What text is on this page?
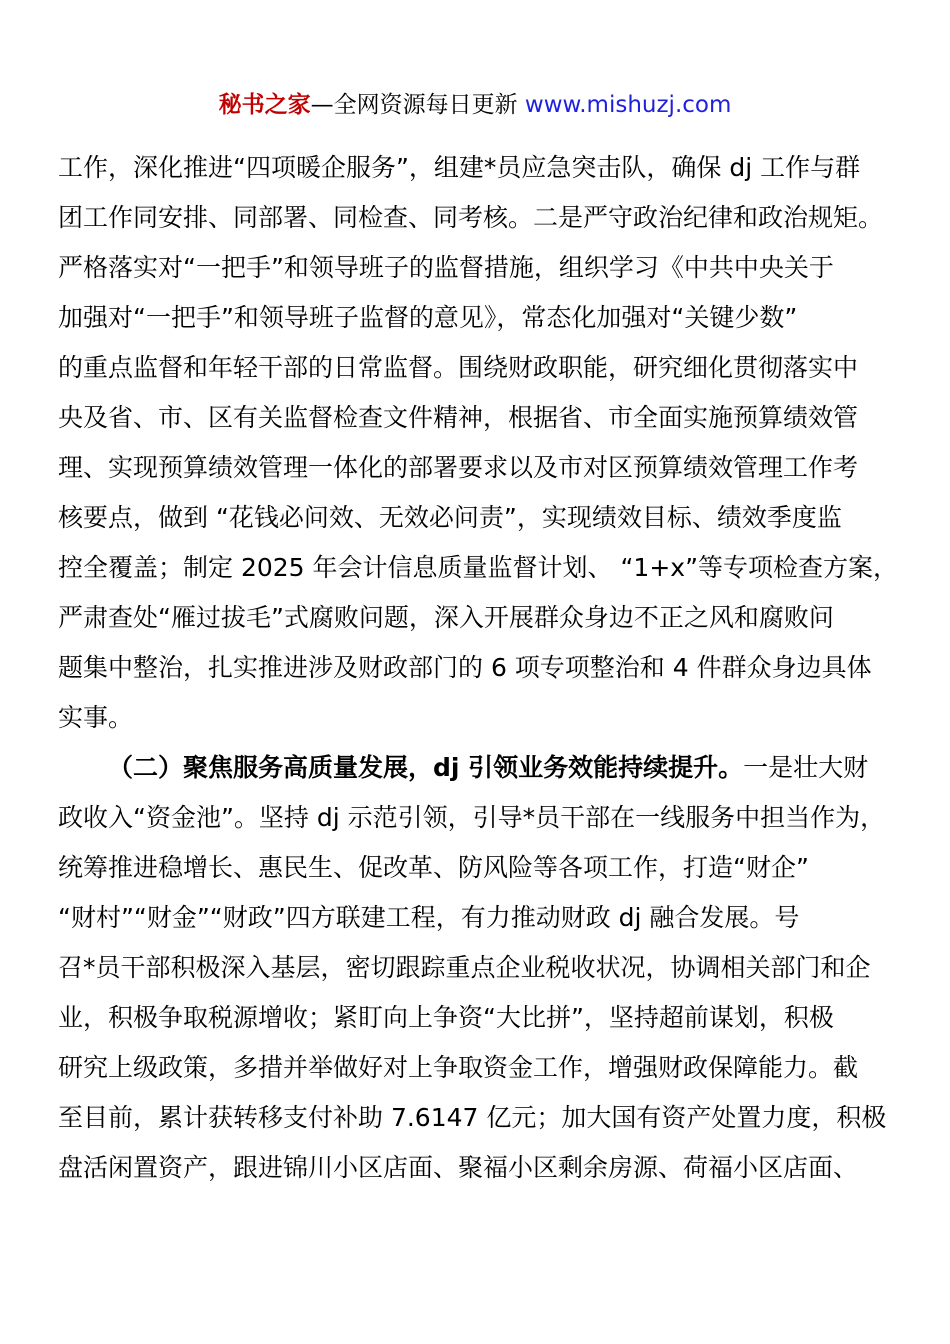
秘书之家—全网资源每日更新 www.mishuzj.com
工作，深化推进“四项暖企服务”，组建*员应急突击队，确保 dj 工作与群
团工作同安排、同部署、同检查、同考核。二是严守政治纪律和政治规矩。
严格落实对“一把手”和领导班子的监督措施，组织学习《中共中央关于
加强对“一把手”和领导班子监督的意见》，常态化加强对“关键少数”
的重点监督和年轻干部的日常监督。围绕财政职能，研究细化贯彻落实中
央及省、市、区有关监督检查文件精神，根据省、市全面实施预算绩效管
理、实现预算绩效管理一体化的部署要求以及市对区预算绩效管理工作考
核要点，做到 “花钱必问效、无效必问责”，实现绩效目标、绩效季度监
控全覆盖；制定 2025 年会计信息质量监督计划、 “1+x”等专项检查方案，
严肃查处“雁过拔毛”式腐败问题，深入开展群众身边不正之风和腐败问
题集中整治，扎实推进涉及财政部门的 6 项专项整治和 4 件群众身边具体
实事。
（二）聚焦服务高质量发展，dj 引领业务效能持续提升。一是壮大财
政收入“资金池”。坚持 dj 示范引领，引导*员干部在一线服务中担当作为，
统筹推进稳增长、惠民生、促改革、防风险等各项工作，打造“财企”
“财村”“财金”“财政”四方联建工程，有力推动财政 dj 融合发展。号
召*员干部积极深入基层，密切跟踪重点企业税收状况，协调相关部门和企
业，积极争取税源增收；紧盯向上争资“大比拼”，坚持超前谋划，积极
研究上级政策，多措并举做好对上争取资金工作，增强财政保障能力。截
至目前，累计获转移支付补助 7.6147 亿元；加大国有资产处置力度，积极
盘活闲置资产，跟进锦川小区店面、聚福小区剩余房源、荷福小区店面、
